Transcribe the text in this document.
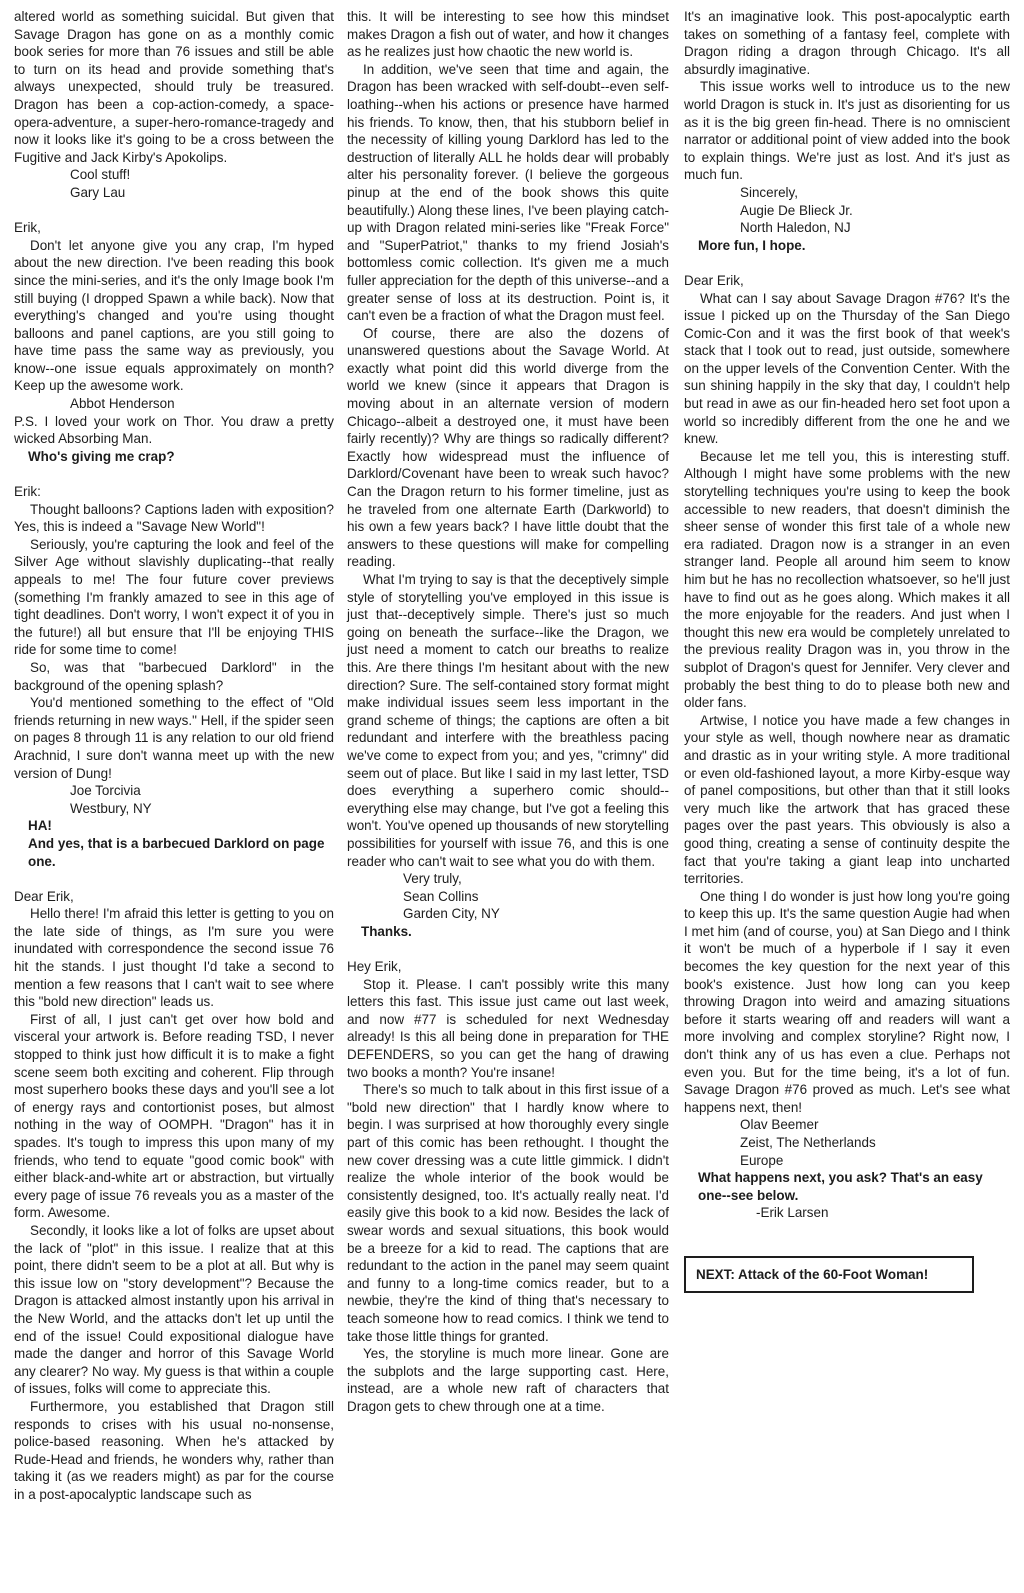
altered world as something suicidal. But given that Savage Dragon has gone on as a monthly comic book series for more than 76 issues and still be able to turn on its head and provide something that's always unexpected, should truly be treasured. Dragon has been a cop-action-comedy, a space-opera-adventure, a super-hero-romance-tragedy and now it looks like it's going to be a cross between the Fugitive and Jack Kirby's Apokolips.

Cool stuff!

Gary Lau

Erik,

Don't let anyone give you any crap, I'm hyped about the new direction. I've been reading this book since the mini-series, and it's the only Image book I'm still buying (I dropped Spawn a while back). Now that everything's changed and you're using thought balloons and panel captions, are you still going to have time pass the same way as previously, you know--one issue equals approximately on month? Keep up the awesome work.

Abbot Henderson

P.S. I loved your work on Thor. You draw a pretty wicked Absorbing Man.

Who's giving me crap?

Erik:

Thought balloons? Captions laden with exposition? Yes, this is indeed a "Savage New World"!

Seriously, you're capturing the look and feel of the Silver Age without slavishly duplicating--that really appeals to me! The four future cover previews (something I'm frankly amazed to see in this age of tight deadlines. Don't worry, I won't expect it of you in the future!) all but ensure that I'll be enjoying THIS ride for some time to come!

So, was that "barbecued Darklord" in the background of the opening splash?

You'd mentioned something to the effect of "Old friends returning in new ways." Hell, if the spider seen on pages 8 through 11 is any relation to our old friend Arachnid, I sure don't wanna meet up with the new version of Dung!

Joe Torcivia

Westbury, NY

HA!

And yes, that is a barbecued Darklord on page one.

Dear Erik,

Hello there! I'm afraid this letter is getting to you on the late side of things, as I'm sure you were inundated with correspondence the second issue 76 hit the stands. I just thought I'd take a second to mention a few reasons that I can't wait to see where this "bold new direction" leads us.

First of all, I just can't get over how bold and visceral your artwork is. Before reading TSD, I never stopped to think just how difficult it is to make a fight scene seem both exciting and coherent. Flip through most superhero books these days and you'll see a lot of energy rays and contortionist poses, but almost nothing in the way of OOMPH. "Dragon" has it in spades. It's tough to impress this upon many of my friends, who tend to equate "good comic book" with either black-and-white art or abstraction, but virtually every page of issue 76 reveals you as a master of the form. Awesome.

Secondly, it looks like a lot of folks are upset about the lack of "plot" in this issue. I realize that at this point, there didn't seem to be a plot at all. But why is this issue low on "story development"? Because the Dragon is attacked almost instantly upon his arrival in the New World, and the attacks don't let up until the end of the issue! Could expositional dialogue have made the danger and horror of this Savage World any clearer? No way. My guess is that within a couple of issues, folks will come to appreciate this.

Furthermore, you established that Dragon still responds to crises with his usual no-nonsense, police-based reasoning. When he's attacked by Rude-Head and friends, he wonders why, rather than taking it (as we readers might) as par for the course in a post-apocalyptic landscape such as

this. It will be interesting to see how this mindset makes Dragon a fish out of water, and how it changes as he realizes just how chaotic the new world is.

In addition, we've seen that time and again, the Dragon has been wracked with self-doubt--even self-loathing--when his actions or presence have harmed his friends. To know, then, that his stubborn belief in the necessity of killing young Darklord has led to the destruction of literally ALL he holds dear will probably alter his personality forever. (I believe the gorgeous pinup at the end of the book shows this quite beautifully.) Along these lines, I've been playing catch-up with Dragon related mini-series like "Freak Force" and "SuperPatriot," thanks to my friend Josiah's bottomless comic collection. It's given me a much fuller appreciation for the depth of this universe--and a greater sense of loss at its destruction. Point is, it can't even be a fraction of what the Dragon must feel.

Of course, there are also the dozens of unanswered questions about the Savage World. At exactly what point did this world diverge from the world we knew (since it appears that Dragon is moving about in an alternate version of modern Chicago--albeit a destroyed one, it must have been fairly recently)? Why are things so radically different? Exactly how widespread must the influence of Darklord/Covenant have been to wreak such havoc? Can the Dragon return to his former timeline, just as he traveled from one alternate Earth (Darkworld) to his own a few years back? I have little doubt that the answers to these questions will make for compelling reading.

What I'm trying to say is that the deceptively simple style of storytelling you've employed in this issue is just that--deceptively simple. There's just so much going on beneath the surface--like the Dragon, we just need a moment to catch our breaths to realize this. Are there things I'm hesitant about with the new direction? Sure. The self-contained story format might make individual issues seem less important in the grand scheme of things; the captions are often a bit redundant and interfere with the breathless pacing we've come to expect from you; and yes, "crimny" did seem out of place. But like I said in my last letter, TSD does everything a superhero comic should--everything else may change, but I've got a feeling this won't. You've opened up thousands of new storytelling possibilities for yourself with issue 76, and this is one reader who can't wait to see what you do with them.

Very truly,

Sean Collins

Garden City, NY

Thanks.

Hey Erik,

Stop it. Please. I can't possibly write this many letters this fast. This issue just came out last week, and now #77 is scheduled for next Wednesday already! Is this all being done in preparation for THE DEFENDERS, so you can get the hang of drawing two books a month? You're insane!

There's so much to talk about in this first issue of a "bold new direction" that I hardly know where to begin. I was surprised at how thoroughly every single part of this comic has been rethought. I thought the new cover dressing was a cute little gimmick. I didn't realize the whole interior of the book would be consistently designed, too. It's actually really neat. I'd easily give this book to a kid now. Besides the lack of swear words and sexual situations, this book would be a breeze for a kid to read. The captions that are redundant to the action in the panel may seem quaint and funny to a long-time comics reader, but to a newbie, they're the kind of thing that's necessary to teach someone how to read comics. I think we tend to take those little things for granted.

Yes, the storyline is much more linear. Gone are the subplots and the large supporting cast. Here, instead, are a whole new raft of characters that Dragon gets to chew through one at a time.

It's an imaginative look. This post-apocalyptic earth takes on something of a fantasy feel, complete with Dragon riding a dragon through Chicago. It's all absurdly imaginative.

This issue works well to introduce us to the new world Dragon is stuck in. It's just as disorienting for us as it is the big green fin-head. There is no omniscient narrator or additional point of view added into the book to explain things. We're just as lost. And it's just as much fun.

Sincerely,

Augie De Blieck Jr.

North Haledon, NJ

More fun, I hope.

Dear Erik,

What can I say about Savage Dragon #76? It's the issue I picked up on the Thursday of the San Diego Comic-Con and it was the first book of that week's stack that I took out to read, just outside, somewhere on the upper levels of the Convention Center. With the sun shining happily in the sky that day, I couldn't help but read in awe as our fin-headed hero set foot upon a world so incredibly different from the one he and we knew.

Because let me tell you, this is interesting stuff. Although I might have some problems with the new storytelling techniques you're using to keep the book accessible to new readers, that doesn't diminish the sheer sense of wonder this first tale of a whole new era radiated. Dragon now is a stranger in an even stranger land. People all around him seem to know him but he has no recollection whatsoever, so he'll just have to find out as he goes along. Which makes it all the more enjoyable for the readers. And just when I thought this new era would be completely unrelated to the previous reality Dragon was in, you throw in the subplot of Dragon's quest for Jennifer. Very clever and probably the best thing to do to please both new and older fans.

Artwise, I notice you have made a few changes in your style as well, though nowhere near as dramatic and drastic as in your writing style. A more traditional or even old-fashioned layout, a more Kirby-esque way of panel compositions, but other than that it still looks very much like the artwork that has graced these pages over the past years. This obviously is also a good thing, creating a sense of continuity despite the fact that you're taking a giant leap into uncharted territories.

One thing I do wonder is just how long you're going to keep this up. It's the same question Augie had when I met him (and of course, you) at San Diego and I think it won't be much of a hyperbole if I say it even becomes the key question for the next year of this book's existence. Just how long can you keep throwing Dragon into weird and amazing situations before it starts wearing off and readers will want a more involving and complex storyline? Right now, I don't think any of us has even a clue. Perhaps not even you. But for the time being, it's a lot of fun. Savage Dragon #76 proved as much. Let's see what happens next, then!

Olav Beemer

Zeist, The Netherlands

Europe

What happens next, you ask? That's an easy one--see below.

-Erik Larsen

NEXT: Attack of the 60-Foot Woman!
